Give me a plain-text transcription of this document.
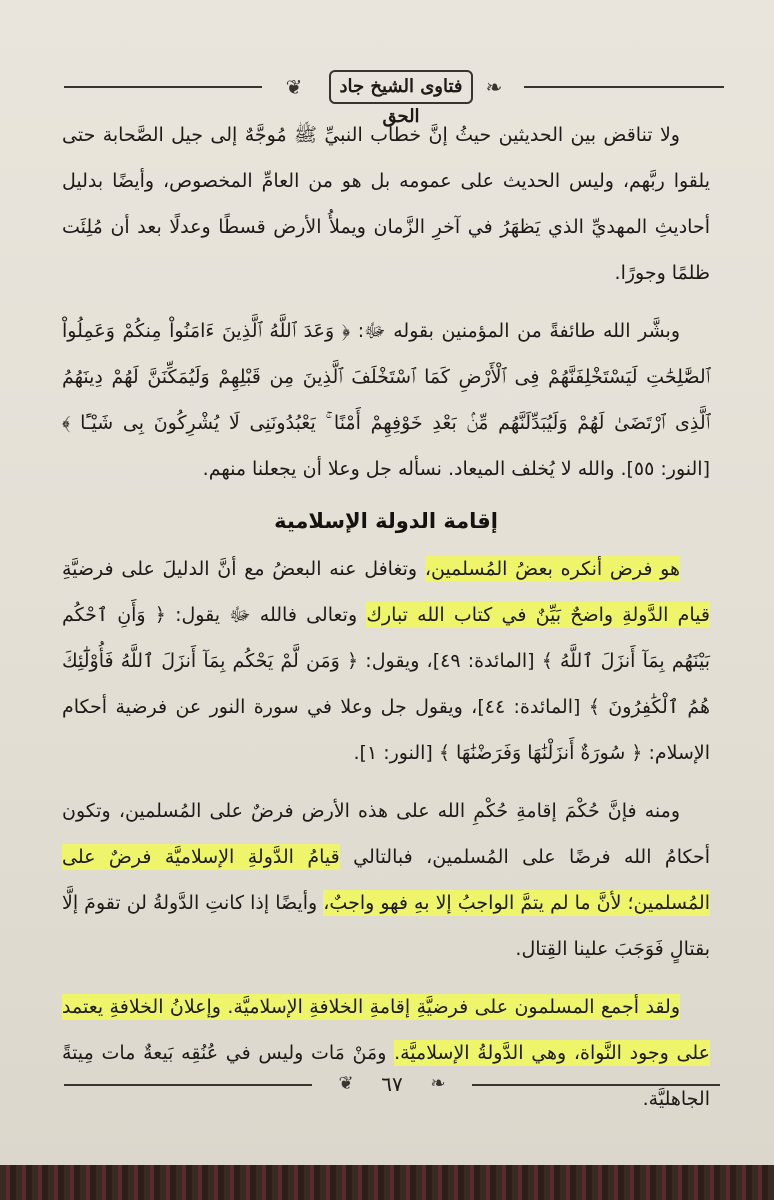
❦	فتاوى الشيخ جاد الحق
❧

ولا تناقض بين الحديثين حيثُ إنَّ خطاب النبيِّ ﷺ مُوجَّهٌ إلى جيل الصَّحابة حتى يلقوا ربَّهم، وليس الحديث على عمومه بل هو من العامِّ المخصوص، وأيضًا بدليل أحاديثِ المهديِّ الذي يَظهَرُ في آخرِ الزَّمان ويملأُ الأرض قسطًا وعدلًا بعد أن مُلِئَت ظلمًا وجورًا.

وبشَّر الله طائفةً من المؤمنين بقوله ﷻ: ﴿ وَعَدَ ٱللَّهُ ٱلَّذِينَ ءَامَنُواْ مِنكُمْ وَعَمِلُواْ ٱلصَّٰلِحَٰتِ لَيَسْتَخْلِفَنَّهُمْ فِى ٱلْأَرْضِ كَمَا ٱسْتَخْلَفَ ٱلَّذِينَ مِن قَبْلِهِمْ وَلَيُمَكِّنَنَّ لَهُمْ دِينَهُمُ ٱلَّذِى ٱرْتَضَىٰ لَهُمْ وَلَيُبَدِّلَنَّهُم مِّنۢ بَعْدِ خَوْفِهِمْ أَمْنًا ۚ يَعْبُدُونَنِى لَا يُشْرِكُونَ بِى شَيْـًٔا ﴾ [النور: ٥٥]. والله لا يُخلف الميعاد. نسأله جل وعلا أن يجعلنا منهم.

إقامة الدولة الإسلامية

هو فرض أنكره بعضُ المُسلمين، وتغافل عنه البعضُ مع أنَّ الدليلَ على فرضيَّةِ قيام الدَّولةِ واضحٌ بَيِّنٌ في كتاب الله تبارك وتعالى فالله ﷻ يقول: ﴿ وَأَنِ ٱحْكُم بَيْنَهُم بِمَآ أَنزَلَ ٱللَّهُ ﴾ [المائدة: ٤٩]، ويقول: ﴿ وَمَن لَّمْ يَحْكُم بِمَآ أَنزَلَ ٱللَّهُ فَأُوْلَٰٓئِكَ هُمُ ٱلْكَٰفِرُونَ ﴾ [المائدة: ٤٤]، ويقول جل وعلا في سورة النور عن فرضية أحكام الإسلام: ﴿ سُورَةٌ أَنزَلْنَٰهَا وَفَرَضْنَٰهَا ﴾ [النور: ١].

ومنه فإنَّ حُكْمَ إقامةِ حُكْمِ الله على هذه الأرض فرضٌ على المُسلمين، وتكون أحكامُ الله فرضًا على المُسلمين، فبالتالي قيامُ الدَّولةِ الإسلاميَّة فرضٌ على المُسلمين؛ لأنَّ ما لم يتمَّ الواجبُ إلا بهِ فهو واجبٌ، وأيضًا إذا كانتِ الدَّولةُ لن تقومَ إلَّا بقتالٍ فَوَجَبَ علينا القِتال.

ولقد أجمع المسلمون على فرضيَّةِ إقامةِ الخلافةِ الإسلاميَّة. وإعلانُ الخلافةِ يعتمد على وجود النَّواة، وهي الدَّولةُ الإسلاميَّة. ومَنْ مَات وليس في عُنُقِه بَيعةٌ مات مِيتةً الجاهليَّة.

❦	٦٧	❧
